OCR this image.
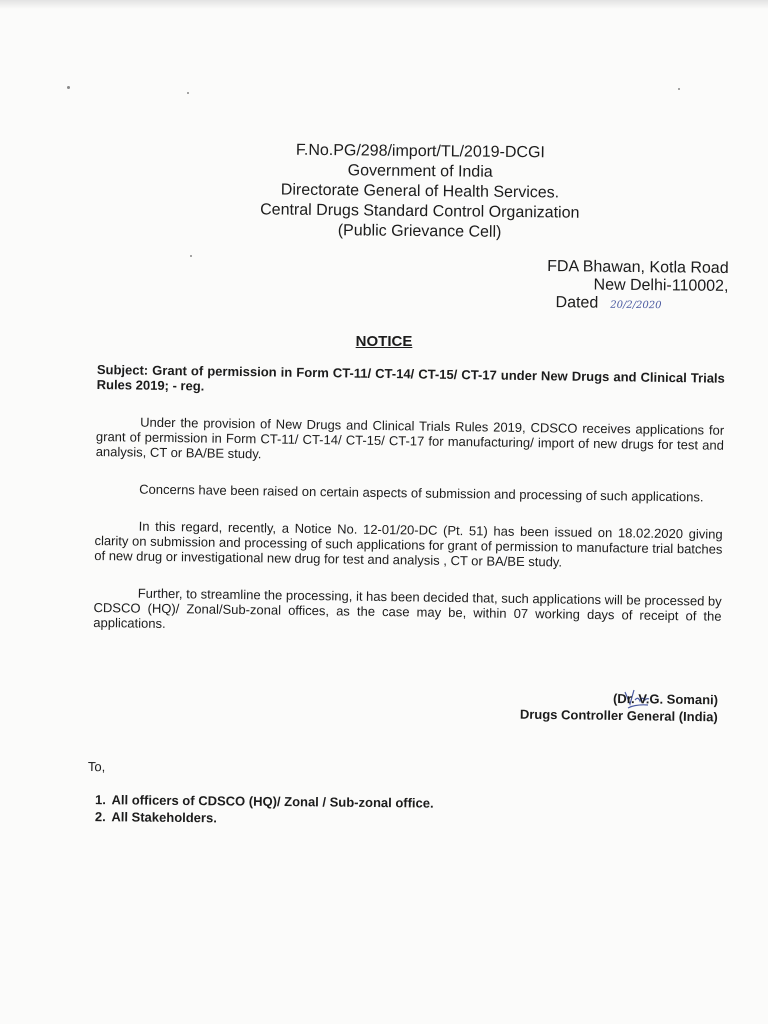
F.No.PG/298/import/TL/2019-DCGI
Government of India
Directorate General of Health Services.
Central Drugs Standard Control Organization
(Public Grievance Cell)
FDA Bhawan, Kotla Road
New Delhi-110002,
Dated 20/2/2020
NOTICE

Subject: Grant of permission in Form CT-11/ CT-14/ CT-15/ CT-17 under New Drugs and Clinical Trials Rules 2019; - reg.

Under the provision of New Drugs and Clinical Trials Rules 2019, CDSCO receives applications for grant of permission in Form CT-11/ CT-14/ CT-15/ CT-17 for manufacturing/ import of new drugs for test and analysis, CT or BA/BE study.

Concerns have been raised on certain aspects of submission and processing of such applications.

In this regard, recently, a Notice No. 12-01/20-DC (Pt. 51) has been issued on 18.02.2020 giving clarity on submission and processing of such applications for grant of permission to manufacture trial batches of new drug or investigational new drug for test and analysis , CT or BA/BE study.

Further, to streamline the processing, it has been decided that, such applications will be processed by CDSCO (HQ)/ Zonal/Sub-zonal offices, as the case may be, within 07 working days of receipt of the applications.

(Dr. V.G. Somani)
Drugs Controller General (India)
To,
1. All officers of CDSCO (HQ)/ Zonal / Sub-zonal office.
2. All Stakeholders.
